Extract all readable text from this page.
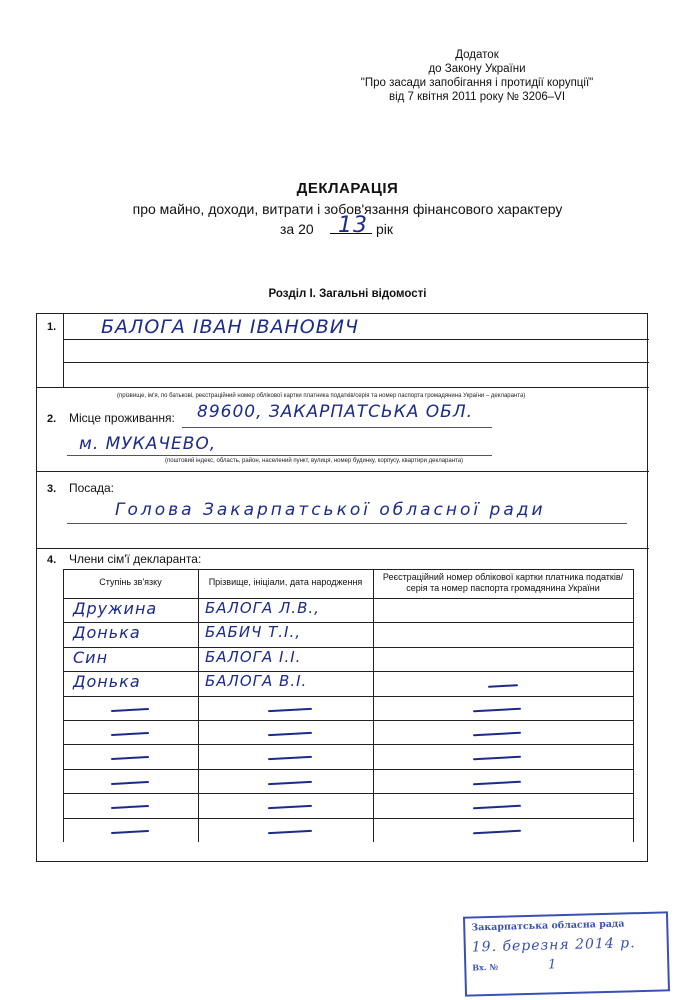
Додаток
до Закону України
"Про засади запобігання і протидії корупції"
від 7 квітня 2011 року № 3206–VI
ДЕКЛАРАЦІЯ
про майно, доходи, витрати і зобов'язання фінансового характеру
за 20 13 рік
Розділ І. Загальні відомості
1. БАЛОГА ІВАН ІВАНОВИЧ
(прізвище, ім'я, по батькові, реєстраційний номер облікової картки платника податків/серія та номер паспорта громадянина України – декларанта)
2. Місце проживання: 89600, ЗАКАРПАТСЬКА ОБЛ.
м. МУКАЧЕВО,
(поштовий індекс, область, район, населений пункт, вулиця, номер будинку, корпусу, квартири декларанта)
3. Посада:
Голова Закарпатської обласної ради
4. Члени сім'ї декларанта:
Ступінь зв'язку	Прізвище, ініціали, дата народження	Реєстраційний номер облікової картки платника податків/ серія та номер паспорта громадянина України
Дружина	БАЛОГА Л.В.,
Донька	БАБИЧ Т.І.,
Син	БАЛОГА І.І.
Донька	БАЛОГА В.І.
Закарпатська обласна рада
19. березня 2014 р.
Вх. №	1
